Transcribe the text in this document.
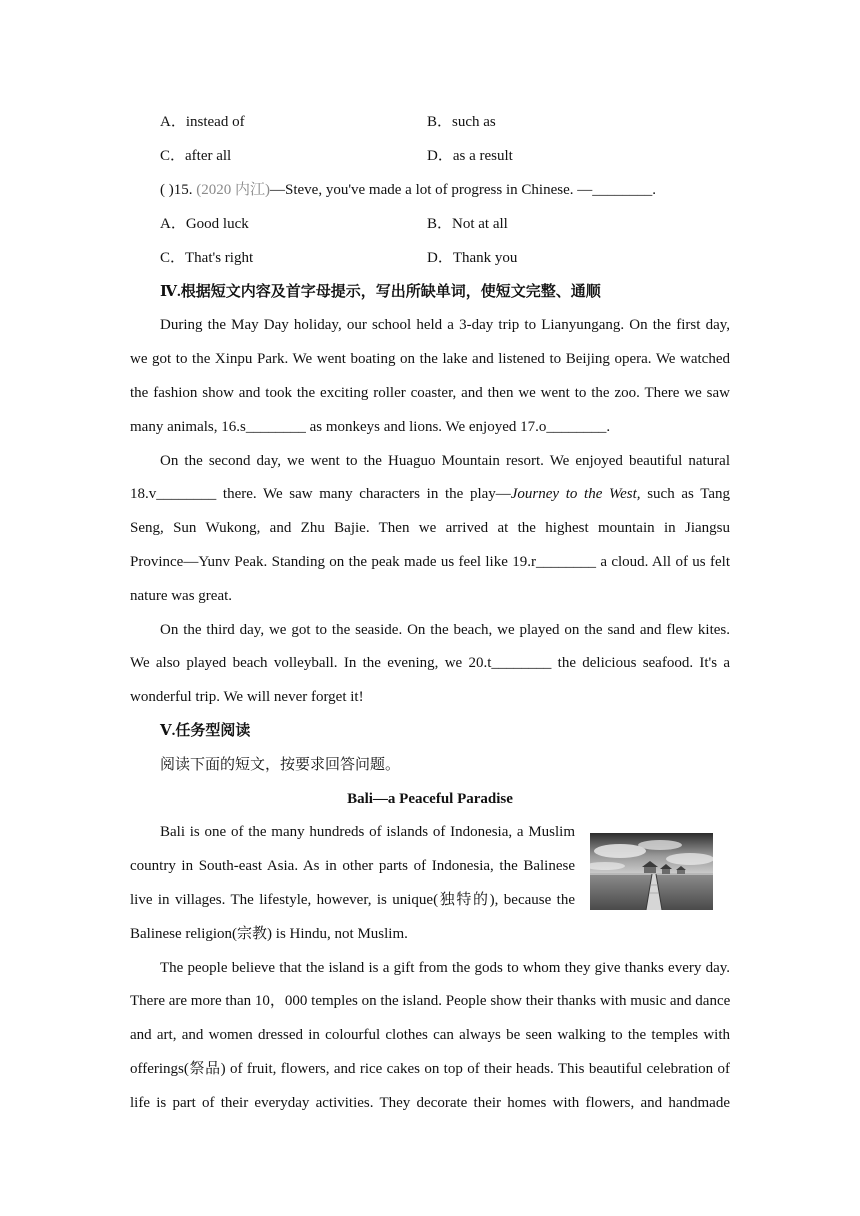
A．instead of	B．such as
C．after all	D．as a result
( )15. (2020 内江)—Steve, you've made a lot of progress in Chinese. —________.
A．Good luck	B．Not at all
C．That's right	D．Thank you
Ⅳ.根据短文内容及首字母提示，写出所缺单词，使短文完整、通顺
During the May Day holiday, our school held a 3-day trip to Lianyungang. On the first day,
we got to the Xinpu Park. We went boating on the lake and listened to Beijing opera. We watched
the fashion show and took the exciting roller coaster, and then we went to the zoo. There we saw
many animals, 16.s________ as monkeys and lions. We enjoyed 17.o________.
On the second day, we went to the Huaguo Mountain resort. We enjoyed beautiful natural
18.v________ there. We saw many characters in the play—Journey to the West, such as Tang
Seng, Sun Wukong, and Zhu Bajie. Then we arrived at the highest mountain in Jiangsu
Province—Yunv Peak. Standing on the peak made us feel like 19.r________ a cloud. All of us felt
nature was great.
On the third day, we got to the seaside. On the beach, we played on the sand and flew kites.
We also played beach volleyball. In the evening, we 20.t________ the delicious seafood. It's a
wonderful trip. We will never forget it!
Ⅴ.任务型阅读
阅读下面的短文，按要求回答问题。
Bali—a Peaceful Paradise
Bali is one of the many hundreds of islands of Indonesia, a Muslim
country in South-east Asia. As in other parts of Indonesia, the Balinese
live in villages. The lifestyle, however, is unique(独特的), because the
Balinese religion(宗教) is Hindu, not Muslim.
The people believe that the island is a gift from the gods to whom they give thanks every day.
There are more than 10，000 temples on the island. People show their thanks with music and dance
and art, and women dressed in colourful clothes can always be seen walking to the temples with
offerings(祭品) of fruit, flowers, and rice cakes on top of their heads. This beautiful celebration of
life is part of their everyday activities. They decorate their homes with flowers, and handmade
